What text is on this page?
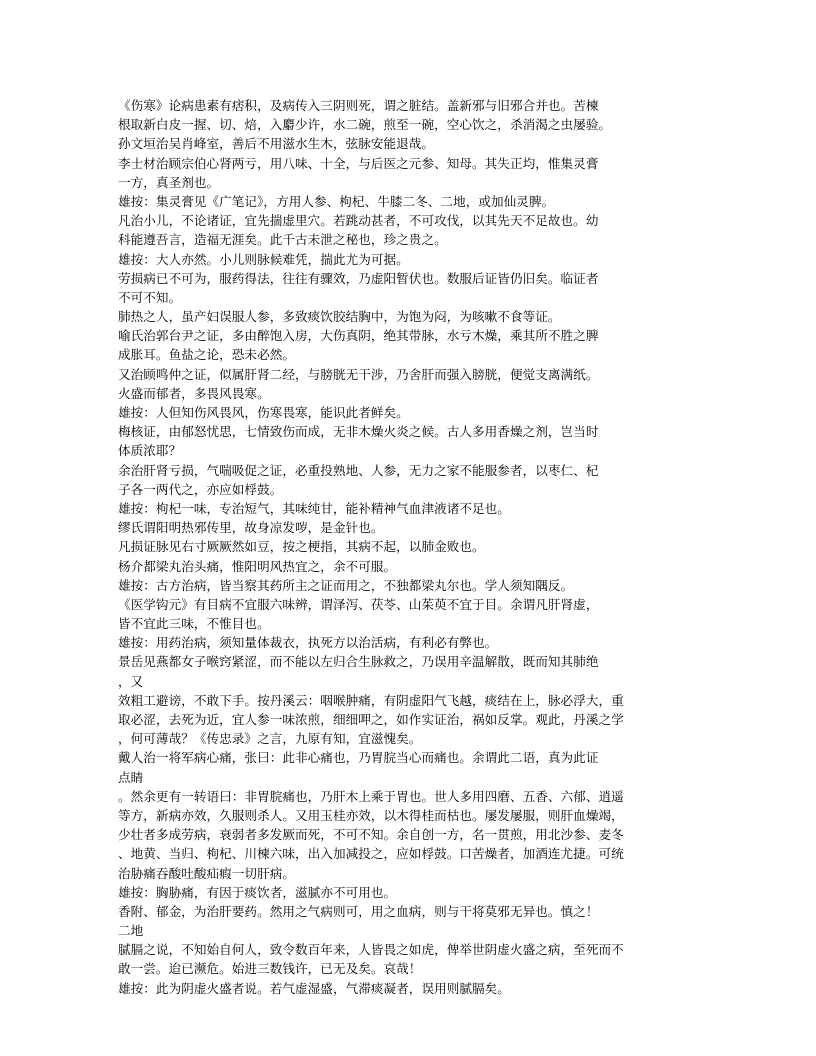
《伤寒》论病患素有痞积，及病传入三阴则死，谓之脏结。盖新邪与旧邪合并也。苦楝
根取新白皮一握、切、焙，入麝少许，水二碗，煎至一碗，空心饮之，杀消渴之虫屡验。
孙文垣治吴肖峰室，善后不用滋水生木，弦脉安能退哉。
李士材治顾宗伯心肾两亏，用八味、十全，与后医之元参、知母。其失正均，惟集灵膏
一方，真圣剂也。
雄按：集灵膏见《广笔记》，方用人参、枸杞、牛膝二冬、二地，或加仙灵脾。
凡治小儿，不论诸证，宜先揣虚里穴。若跳动甚者，不可攻伐，以其先天不足故也。幼
科能遵吾言，造福无涯矣。此千古未泄之秘也，珍之贵之。
雄按：大人亦然。小儿则脉候难凭，揣此尤为可据。
劳损病已不可为，服药得法，往往有骤效，乃虚阳暂伏也。数服后证皆仍旧矣。临证者
不可不知。
肺热之人，虽产妇误服人参，多致痰饮胶结胸中，为饱为闷，为咳嗽不食等证。
喻氏治郭台尹之证，多由醉饱入房，大伤真阴，绝其带脉，水亏木燥，乘其所不胜之脾
成胀耳。鱼盐之论，恐未必然。
又治顾鸣仲之证，似属肝肾二经，与膀胱无干涉，乃舍肝而强入膀胱，便觉支离满纸。
火盛而郁者，多畏风畏寒。
雄按：人但知伤风畏风，伤寒畏寒，能识此者鲜矣。
梅核证，由郁怒忧思，七情致伤而成，无非木燥火炎之候。古人多用香燥之剂，岂当时
体质浓耶？
余治肝肾亏损，气喘吸促之证，必重投熟地、人参，无力之家不能服参者，以枣仁、杞
子各一两代之，亦应如桴鼓。
雄按：枸杞一味，专治短气，其味纯甘，能补精神气血津液诸不足也。
缪氏谓阳明热邪传里，故身凉发哕，是金针也。
凡损证脉见右寸厥厥然如豆，按之梗指，其病不起，以肺金败也。
杨介都梁丸治头痛，惟阳明风热宜之，余不可服。
雄按：古方治病，皆当察其药所主之证而用之，不独都梁丸尔也。学人须知隅反。
《医学钩元》有目病不宜服六味辨，谓泽泻、茯苓、山茱萸不宜于目。余谓凡肝肾虚，
皆不宜此三味，不惟目也。
雄按：用药治病，须知量体裁衣，执死方以治活病，有利必有弊也。
景岳见燕都女子喉窍紧涩，而不能以左归合生脉救之，乃误用辛温解散，既而知其肺绝
，又
效粗工避谤，不敢下手。按丹溪云：咽喉肿痛，有阴虚阳气飞越，痰结在上，脉必浮大，重
取必涩，去死为近，宜人参一味浓煎，细细呷之，如作实证治，祸如反掌。观此，丹溪之学
，何可薄哉？《传忠录》之言，九原有知，宜滋愧矣。
戴人治一将军病心痛，张曰：此非心痛也，乃胃脘当心而痛也。余谓此二语，真为此证
点睛
。然余更有一转语曰：非胃脘痛也，乃肝木上乘于胃也。世人多用四磨、五香、六郁、逍遥
等方，新病亦效，久服则杀人。又用玉桂亦效，以木得桂而枯也。屡发屡服，则肝血燥竭，
少壮者多成劳病，衰弱者多发厥而死，不可不知。余自创一方，名一贯煎，用北沙参、麦冬
、地黄、当归、枸杞、川楝六味，出入加减投之，应如桴鼓。口苦燥者，加酒连尤捷。可统
治胁痛吞酸吐酸疝瘕一切肝病。
雄按：胸胁痛，有因于痰饮者，滋腻亦不可用也。
香附、郁金，为治肝要药。然用之气病则可，用之血病，则与干将莫邪无异也。慎之！
二地
腻膈之说，不知始自何人，致令数百年来，人皆畏之如虎，俾举世阴虚火盛之病，至死而不
敢一尝。迨已濒危。始进三数钱许，已无及矣。哀哉！
雄按：此为阴虚火盛者说。若气虚湿盛，气滞痰凝者，误用则腻膈矣。
